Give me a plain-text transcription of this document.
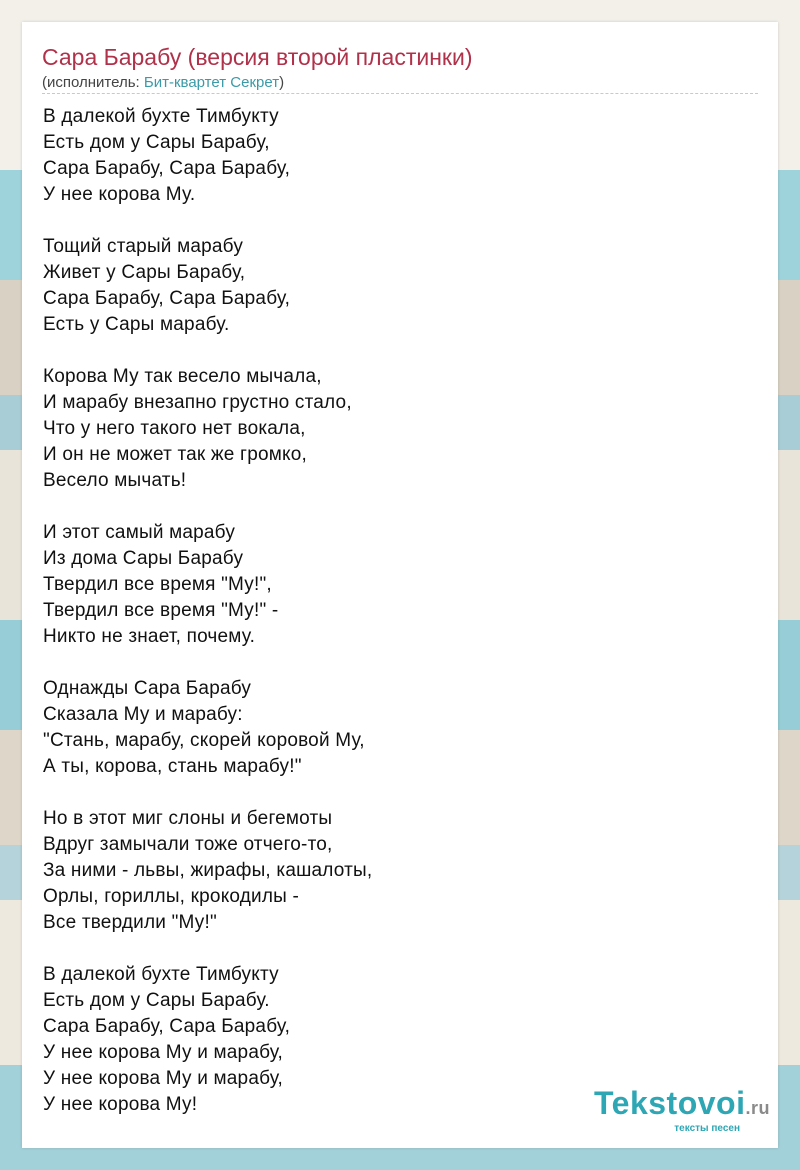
Сара Барабу (версия второй пластинки)
(исполнитель: Бит-квартет Секрет)
В далекой бухте Тимбукту
Есть дом у Сары Барабу,
Сара Барабу, Сара Барабу,
У нее корова Му.
Тощий старый марабу
Живет у Сары Барабу,
Сара Барабу, Сара Барабу,
Есть у Сары марабу.
Корова Му так весело мычала,
И марабу внезапно грустно стало,
Что у него такого нет вокала,
И он не может так же громко,
Весело мычать!
И этот самый марабу
Из дома Сары Барабу
Твердил все время "Му!",
Твердил все время "Му!" -
Никто не знает, почему.
Однажды Сара Барабу
Сказала Му и марабу:
"Стань, марабу, скорей коровой Му,
А ты, корова, стань марабу!"
Но в этот миг слоны и бегемоты
Вдруг замычали тоже отчего-то,
За ними - львы, жирафы, кашалоты,
Орлы, гориллы, крокодилы -
Все твердили "Му!"
В далекой бухте Тимбукту
Есть дом у Сары Барабу.
Сара Барабу, Сара Барабу,
У нее корова Му и марабу,
У нее корова Му и марабу,
У нее корова Му!	Tekstovoi.ru
тексты песен
